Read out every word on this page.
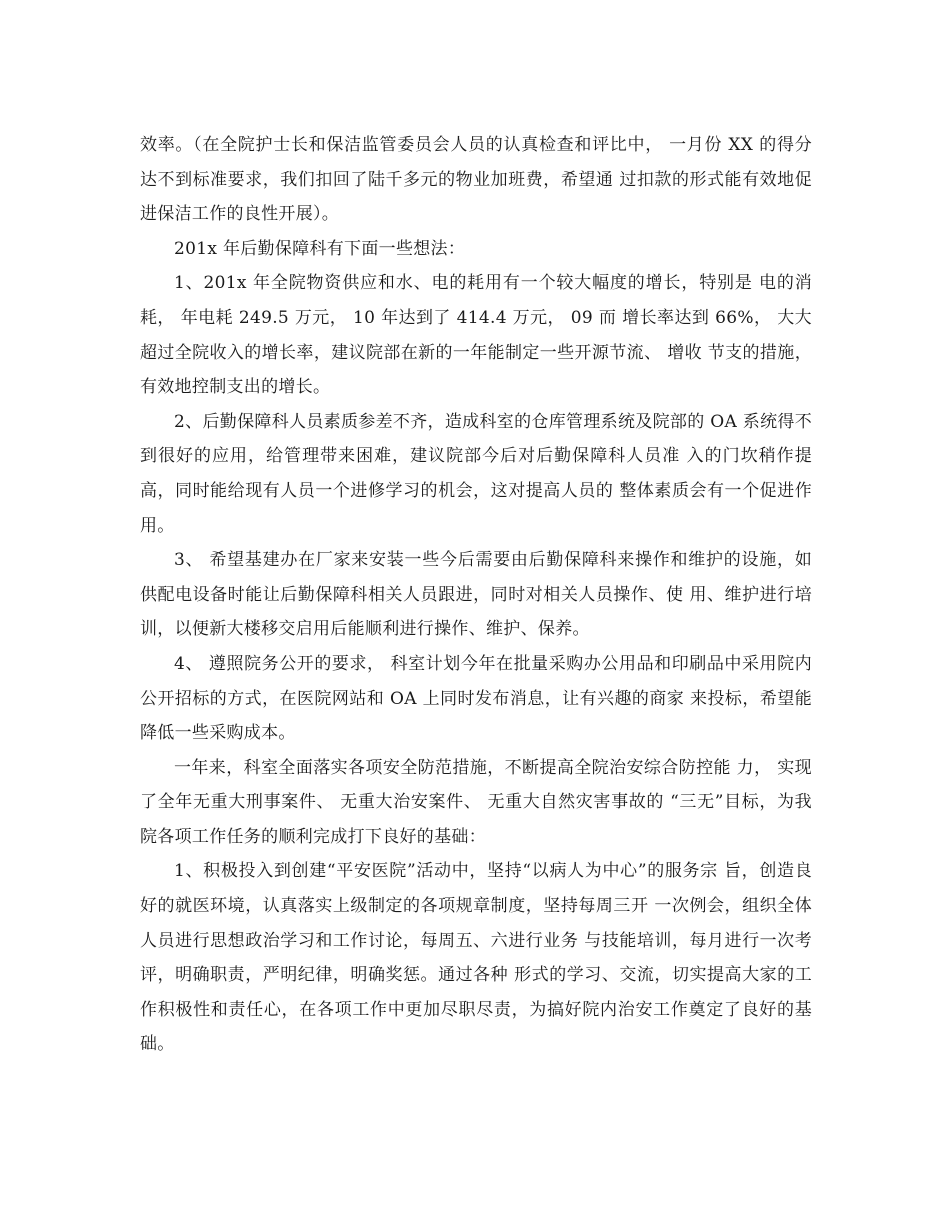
效率。（在全院护士长和保洁监管委员会人员的认真检查和评比中， 一月份 XX 的得分达不到标准要求，我们扣回了陆千多元的物业加班费，希望通 过扣款的形式能有效地促进保洁工作的良性开展）。

201x 年后勤保障科有下面一些想法：

1、201x 年全院物资供应和水、电的耗用有一个较大幅度的增长，特别是 电的消耗， 年电耗 249.5 万元， 10 年达到了 414.4 万元， 09 而 增长率达到 66%， 大大超过全院收入的增长率，建议院部在新的一年能制定一些开源节流、 增收 节支的措施，有效地控制支出的增长。

2、后勤保障科人员素质参差不齐，造成科室的仓库管理系统及院部的 OA 系统得不到很好的应用，给管理带来困难，建议院部今后对后勤保障科人员准 入的门坎稍作提高，同时能给现有人员一个进修学习的机会，这对提高人员的 整体素质会有一个促进作用。

3、 希望基建办在厂家来安装一些今后需要由后勤保障科来操作和维护的设施，如供配电设备时能让后勤保障科相关人员跟进，同时对相关人员操作、使 用、维护进行培训，以便新大楼移交启用后能顺利进行操作、维护、保养。

4、 遵照院务公开的要求， 科室计划今年在批量采购办公用品和印刷品中采用院内公开招标的方式，在医院网站和 OA 上同时发布消息，让有兴趣的商家 来投标，希望能降低一些采购成本。

一年来，科室全面落实各项安全防范措施，不断提高全院治安综合防控能 力， 实现了全年无重大刑事案件、 无重大治安案件、 无重大自然灾害事故的 “三无”目标，为我院各项工作任务的顺利完成打下良好的基础：

1、积极投入到创建“平安医院”活动中，坚持“以病人为中心”的服务宗 旨，创造良好的就医环境，认真落实上级制定的各项规章制度，坚持每周三开 一次例会，组织全体人员进行思想政治学习和工作讨论，每周五、六进行业务 与技能培训，每月进行一次考评，明确职责，严明纪律，明确奖惩。通过各种 形式的学习、交流，切实提高大家的工作积极性和责任心，在各项工作中更加尽职尽责，为搞好院内治安工作奠定了良好的基础。
